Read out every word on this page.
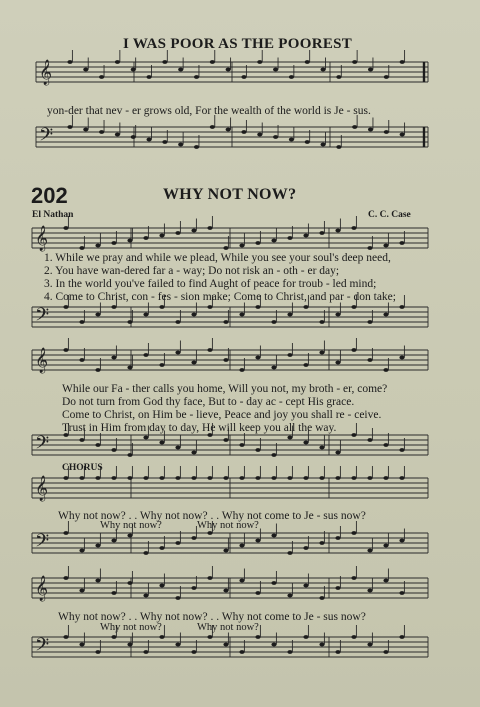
𝄞
𝄢
𝄞
𝄢
𝄞
𝄢
𝄞
𝄢
𝄞
𝄢
I WAS POOR AS THE POOREST
yon-der that nev - er grows old, For the wealth of the world is Je - sus.
202	WHY NOT NOW?
El Nathan	C. C. Case
1. While we pray and while we plead, While you see your soul's deep need,
2. You have wan-dered far a - way; Do not risk an - oth - er day;
3. In the world you've failed to find Aught of peace for troub - led mind;
4. Come to Christ, con - fes - sion make; Come to Christ, and par - don take;
While our Fa - ther calls you home, Will you not, my broth - er, come?
Do not turn from God thy face, But to - day ac - cept His grace.
Come to Christ, on Him be - lieve, Peace and joy you shall re - ceive.
Trust in Him from day to day, He will keep you all the way.
CHORUS
Why not now? . . Why not now? . . Why not come to Je - sus now?
Why not now?	Why not now?
Why not now? . . Why not now? . . Why not come to Je - sus now?
Why not now?	Why not now?
